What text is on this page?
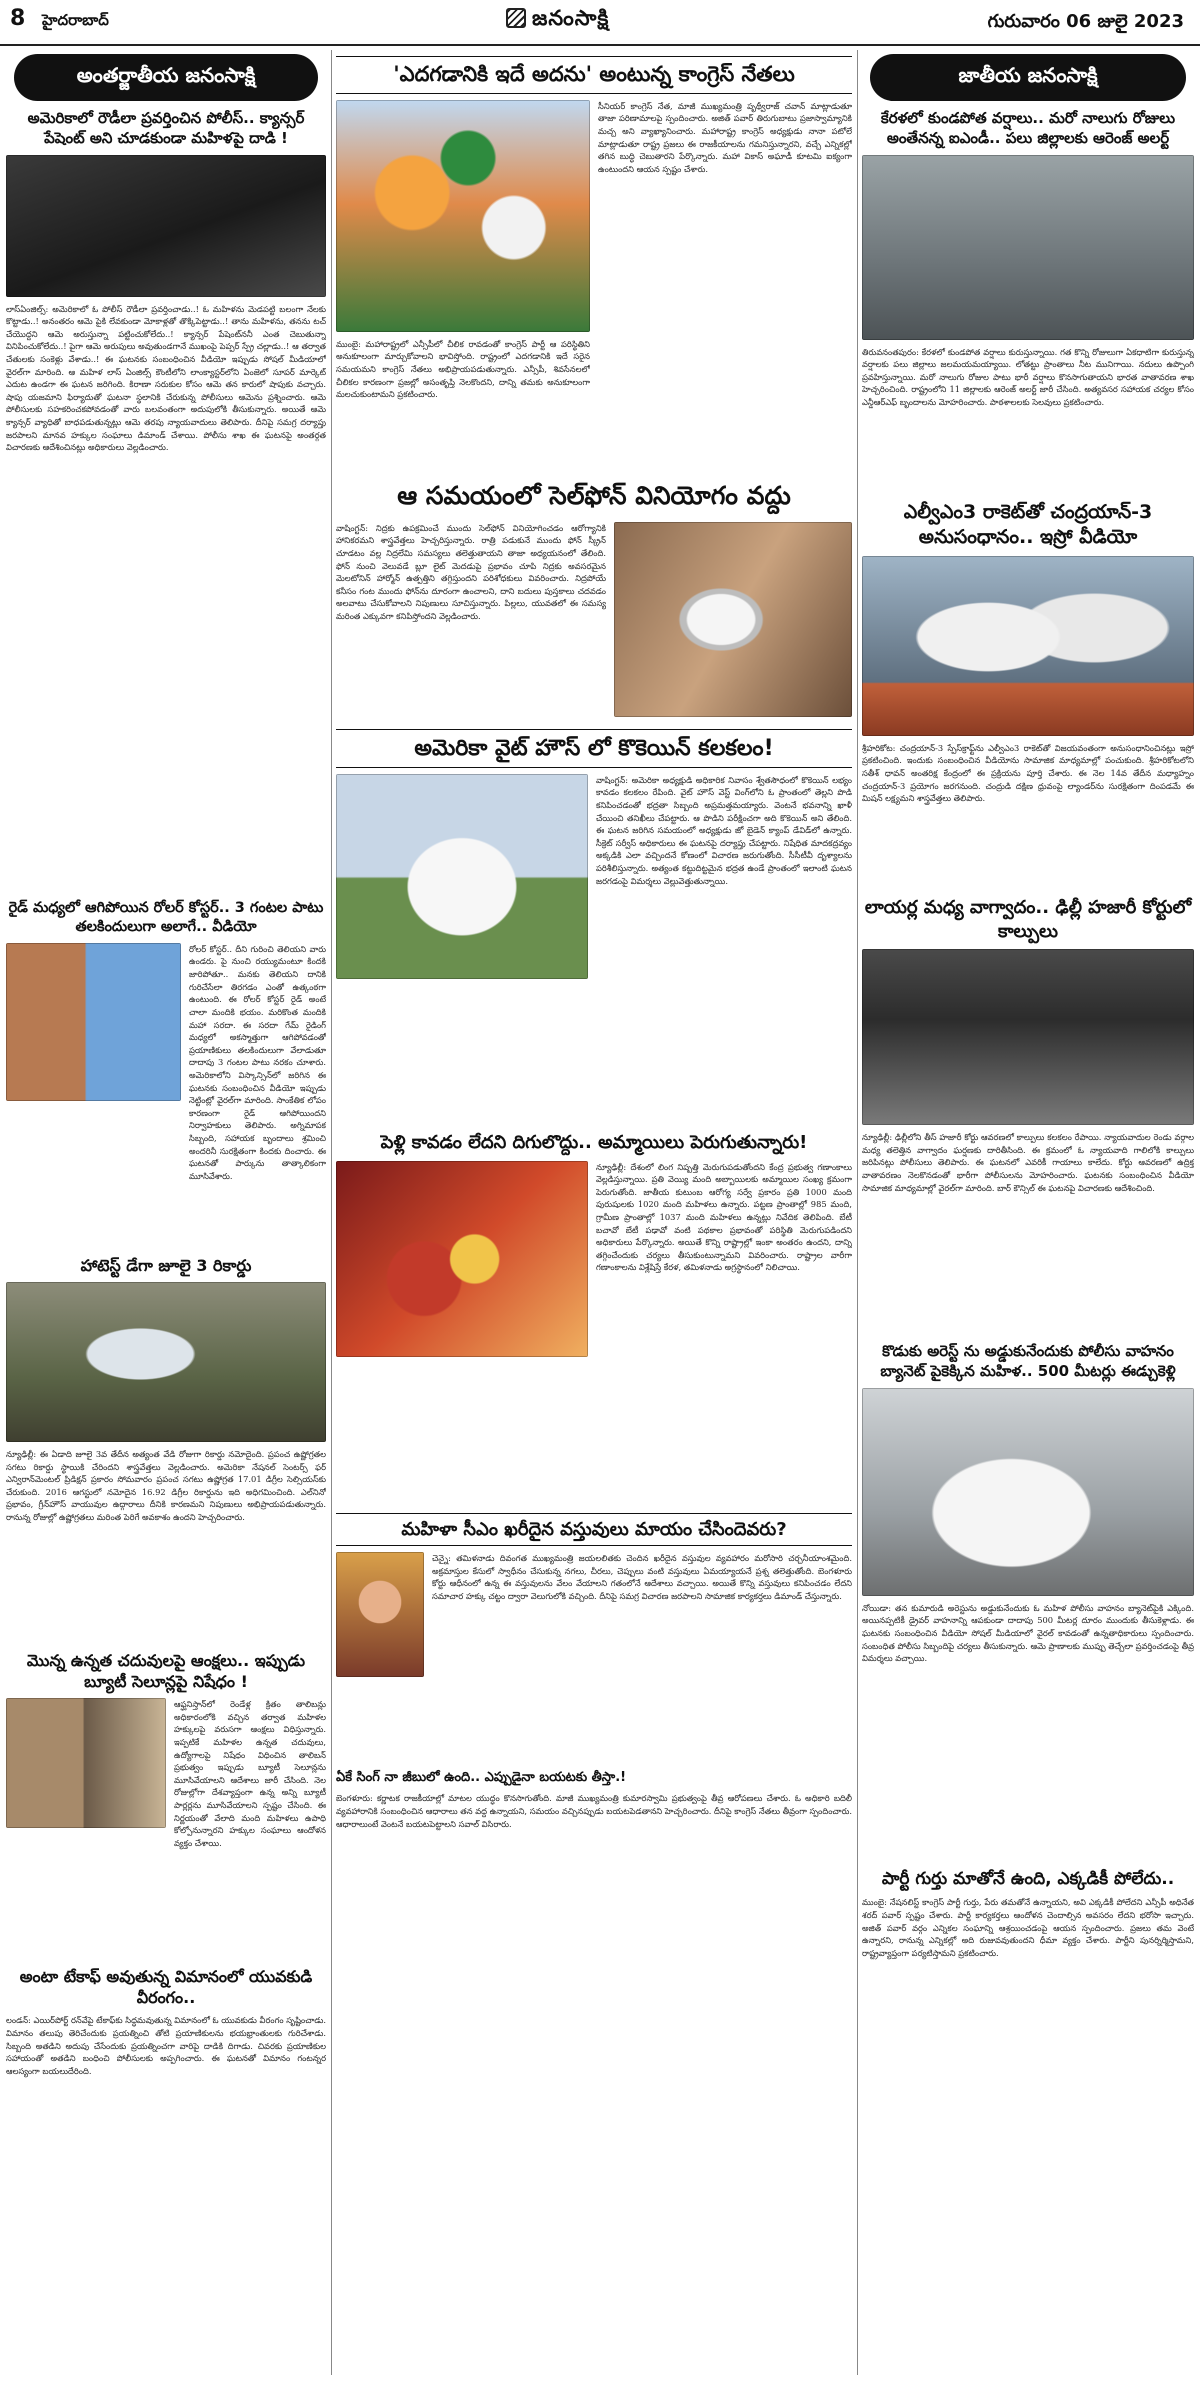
8 హైదరాబాద్	జనంసాక్షి	గురువారం 06 జులై 2023
అంతర్జాతీయ జనంసాక్షి
అమెరికాలో రౌడీలా ప్రవర్తించిన పోలీస్.. క్యాన్సర్ పేషెంట్ అని చూడకుండా మహిళపై దాడి !
లాస్‌ఏంజిల్స్‌: అమెరికాలో ఓ పోలీస్‌ రౌడీలా ప్రవర్తించాడు..! ఓ మహిళను మెడపట్టి బలంగా నేలకు కొట్టాడు..! అనంతరం ఆమె పైకి లేవకుండా మోకాళ్లతో తొక్కిపెట్టాడు..! తాను మహిళను, తనను టచ్‌ చేయొద్దని ఆమె అరుస్తున్నా పట్టించుకోలేదు..! క్యాన్సర్‌ పేషెంట్‌ననీ ఎంత చెబుతున్నా వినిపించుకోలేదు..! పైగా ఆమె అరుపులు అవుతుండగానే ముఖంపై పెప్పర్‌ స్ప్రే చల్లాడు..! ఆ తర్వాత చేతులకు సంకెళ్లు వేశాడు..! ఈ ఘటనకు సంబంధించిన వీడియో ఇప్పుడు సోషల్‌ మీడియాలో వైరల్‌గా మారింది. ఆ మహిళ లాస్‌ ఏంజిల్స్‌ కౌంటీలోని లాంక్యాస్టర్‌లోని ఏంజెలో సూపర్‌ మార్కెట్‌ ఎదుట ఉండగా ఈ ఘటన జరిగింది. కిరాణా సరుకుల కోసం ఆమె తన కారులో షాపుకు వచ్చారు. షాపు యజమాని ఫిర్యాదుతో ఘటనా స్థలానికి చేరుకున్న పోలీసులు ఆమెను ప్రశ్నించారు. ఆమె పోలీసులకు సహకరించకపోవడంతో వారు బలవంతంగా అదుపులోకి తీసుకున్నారు. అయితే ఆమె క్యాన్సర్‌ వ్యాధితో బాధపడుతున్నట్లు ఆమె తరపు న్యాయవాదులు తెలిపారు. దీనిపై సమగ్ర దర్యాప్తు జరపాలని మానవ హక్కుల సంఘాలు డిమాండ్‌ చేశాయి. పోలీసు శాఖ ఈ ఘటనపై అంతర్గత విచారణకు ఆదేశించినట్లు అధికారులు వెల్లడించారు.
రైడ్ మధ్యలో ఆగిపోయిన రోలర్ కోస్టర్.. 3 గంటల పాటు తలకిందులుగా అలాగే.. వీడియో
రోలర్‌ కోస్టర్‌.. దీని గురించి తెలియని వారు ఉండరు. పై నుంచి రయ్యుమంటూ కిందకి జారిపోతూ.. మనకు తెలియని దానికి గురిచేసేలా తిరగడం ఎంతో ఉత్కంఠగా ఉంటుంది. ఈ రోలర్‌ కోస్టర్‌ రైడ్‌ అంటే చాలా మందికి భయం. మరికొంత మందికి మహా సరదా. ఈ సరదా గేమ్‌ రైడింగ్‌ మధ్యలో అకస్మాత్తుగా ఆగిపోవడంతో ప్రయాణికులు తలకిందులుగా వేలాడుతూ దాదాపు 3 గంటల పాటు నరకం చూశారు. అమెరికాలోని విస్కాన్సిన్‌లో జరిగిన ఈ ఘటనకు సంబంధించిన వీడియో ఇప్పుడు నెట్టింట్లో వైరల్‌గా మారింది. సాంకేతిక లోపం కారణంగా రైడ్‌ ఆగిపోయిందని నిర్వాహకులు తెలిపారు. అగ్నిమాపక సిబ్బంది, సహాయక బృందాలు శ్రమించి అందరినీ సురక్షితంగా కిందకు దించారు. ఈ ఘటనతో పార్కును తాత్కాలికంగా మూసివేశారు.
హాటెస్ట్ డేగా జూలై 3 రికార్డు
న్యూఢిల్లీ: ఈ ఏడాది జూలై 3వ తేదీన అత్యంత వేడి రోజుగా రికార్డు నమోదైంది. ప్రపంచ ఉష్ణోగ్రతల సగటు రికార్డు స్థాయికి చేరిందని శాస్త్రవేత్తలు వెల్లడించారు. అమెరికా నేషనల్‌ సెంటర్స్‌ ఫర్‌ ఎన్విరాన్‌మెంటల్‌ ప్రిడిక్షన్‌ ప్రకారం సోమవారం ప్రపంచ సగటు ఉష్ణోగ్రత 17.01 డిగ్రీల సెల్సియస్‌కు చేరుకుంది. 2016 ఆగస్టులో నమోదైన 16.92 డిగ్రీల రికార్డును ఇది అధిగమించింది. ఎల్‌నినో ప్రభావం, గ్రీన్‌హౌస్‌ వాయువుల ఉద్గారాలు దీనికి కారణమని నిపుణులు అభిప్రాయపడుతున్నారు. రానున్న రోజుల్లో ఉష్ణోగ్రతలు మరింత పెరిగే అవకాశం ఉందని హెచ్చరించారు.
మొన్న ఉన్నత చదువులపై ఆంక్షలు.. ఇప్పుడు బ్యూటీ సెలూన్లపై నిషేధం !
ఆఫ్ఘనిస్తాన్‌లో రెండేళ్ల క్రితం తాలిబన్లు అధికారంలోకి వచ్చిన తర్వాత మహిళల హక్కులపై వరుసగా ఆంక్షలు విధిస్తున్నారు. ఇప్పటికే మహిళల ఉన్నత చదువులు, ఉద్యోగాలపై నిషేధం విధించిన తాలిబన్‌ ప్రభుత్వం ఇప్పుడు బ్యూటీ సెలూన్లను మూసివేయాలని ఆదేశాలు జారీ చేసింది. నెల రోజుల్లోగా దేశవ్యాప్తంగా ఉన్న అన్ని బ్యూటీ పార్లర్లను మూసివేయాలని స్పష్టం చేసింది. ఈ నిర్ణయంతో వేలాది మంది మహిళలు ఉపాధి కోల్పోనున్నారని హక్కుల సంఘాలు ఆందోళన వ్యక్తం చేశాయి.
అంటా టేకాఫ్ అవుతున్న విమానంలో యువకుడి వీరంగం..
లండన్‌: ఎయిర్‌పోర్ట్‌ రన్‌వేపై టేకాఫ్‌కు సిద్ధమవుతున్న విమానంలో ఓ యువకుడు వీరంగం సృష్టించాడు. విమానం తలుపు తెరిచేందుకు ప్రయత్నించి తోటి ప్రయాణికులను భయభ్రాంతులకు గురిచేశాడు. సిబ్బంది అతడిని అదుపు చేసేందుకు ప్రయత్నించగా వారిపై దాడికి దిగాడు. చివరకు ప్రయాణికుల సహాయంతో అతడిని బంధించి పోలీసులకు అప్పగించారు. ఈ ఘటనతో విమానం గంటన్నర ఆలస్యంగా బయలుదేరింది.
'ఎదగడానికి ఇదే అదను' అంటున్న కాంగ్రెస్ నేతలు
ముంబై: మహారాష్ట్రలో ఎన్సీపీలో చీలిక రావడంతో కాంగ్రెస్‌ పార్టీ ఆ పరిస్థితిని అనుకూలంగా మార్చుకోవాలని భావిస్తోంది. రాష్ట్రంలో ఎదగడానికి ఇదే సరైన సమయమని కాంగ్రెస్‌ నేతలు అభిప్రాయపడుతున్నారు. ఎన్సీపీ, శివసేనలలో చీలికల కారణంగా ప్రజల్లో అసంతృప్తి నెలకొందని, దాన్ని తమకు అనుకూలంగా మలచుకుంటామని ప్రకటించారు.
సీనియర్‌ కాంగ్రెస్‌ నేత, మాజీ ముఖ్యమంత్రి పృథ్వీరాజ్‌ చవాన్‌ మాట్లాడుతూ తాజా పరిణామాలపై స్పందించారు. అజిత్‌ పవార్‌ తిరుగుబాటు ప్రజాస్వామ్యానికి మచ్చ అని వ్యాఖ్యానించారు. మహారాష్ట్ర కాంగ్రెస్‌ అధ్యక్షుడు నానా పటోలే మాట్లాడుతూ రాష్ట్ర ప్రజలు ఈ రాజకీయాలను గమనిస్తున్నారని, వచ్చే ఎన్నికల్లో తగిన బుద్ధి చెబుతారని పేర్కొన్నారు. మహా వికాస్‌ అఘాడీ కూటమి ఐక్యంగా ఉంటుందని ఆయన స్పష్టం చేశారు.
ఆ సమయంలో సెల్‌ఫోన్ వినియోగం వద్దు
వాషింగ్టన్‌: నిద్రకు ఉపక్రమించే ముందు సెల్‌ఫోన్‌ వినియోగించడం ఆరోగ్యానికి హానికరమని శాస్త్రవేత్తలు హెచ్చరిస్తున్నారు. రాత్రి పడుకునే ముందు ఫోన్‌ స్క్రీన్‌ చూడటం వల్ల నిద్రలేమి సమస్యలు తలెత్తుతాయని తాజా అధ్యయనంలో తేలింది. ఫోన్‌ నుంచి వెలువడే బ్లూ లైట్‌ మెదడుపై ప్రభావం చూపి నిద్రకు అవసరమైన మెలటోనిన్‌ హార్మోన్‌ ఉత్పత్తిని తగ్గిస్తుందని పరిశోధకులు వివరించారు. నిద్రపోయే కనీసం గంట ముందు ఫోన్‌ను దూరంగా ఉంచాలని, దాని బదులు పుస్తకాలు చదవడం అలవాటు చేసుకోవాలని నిపుణులు సూచిస్తున్నారు. పిల్లలు, యువతలో ఈ సమస్య మరింత ఎక్కువగా కనిపిస్తోందని వెల్లడించారు.
అమెరికా వైట్ హౌస్ లో కొకెయిన్ కలకలం!
వాషింగ్టన్‌: అమెరికా అధ్యక్షుడి అధికారిక నివాసం శ్వేతసౌధంలో కొకెయిన్‌ లభ్యం కావడం కలకలం రేపింది. వైట్‌ హౌస్‌ వెస్ట్‌ వింగ్‌లోని ఓ ప్రాంతంలో తెల్లని పొడి కనిపించడంతో భద్రతా సిబ్బంది అప్రమత్తమయ్యారు. వెంటనే భవనాన్ని ఖాళీ చేయించి తనిఖీలు చేపట్టారు. ఆ పొడిని పరీక్షించగా అది కొకెయిన్‌ అని తేలింది. ఈ ఘటన జరిగిన సమయంలో అధ్యక్షుడు జో బైడెన్‌ క్యాంప్‌ డేవిడ్‌లో ఉన్నారు. సీక్రెట్‌ సర్వీస్‌ అధికారులు ఈ ఘటనపై దర్యాప్తు చేపట్టారు. నిషేధిత మాదకద్రవ్యం అక్కడికి ఎలా వచ్చిందనే కోణంలో విచారణ జరుగుతోంది. సీసీటీవీ దృశ్యాలను పరిశీలిస్తున్నారు. అత్యంత కట్టుదిట్టమైన భద్రత ఉండే ప్రాంతంలో ఇలాంటి ఘటన జరగడంపై విమర్శలు వెల్లువెత్తుతున్నాయి.
పెళ్లి కావడం లేదని దిగులొద్దు.. అమ్మాయిలు పెరుగుతున్నారు!
న్యూఢిల్లీ: దేశంలో లింగ నిష్పత్తి మెరుగుపడుతోందని కేంద్ర ప్రభుత్వ గణాంకాలు వెల్లడిస్తున్నాయి. ప్రతి వెయ్యి మంది అబ్బాయిలకు అమ్మాయిల సంఖ్య క్రమంగా పెరుగుతోంది. జాతీయ కుటుంబ ఆరోగ్య సర్వే ప్రకారం ప్రతి 1000 మంది పురుషులకు 1020 మంది మహిళలు ఉన్నారు. పట్టణ ప్రాంతాల్లో 985 మంది, గ్రామీణ ప్రాంతాల్లో 1037 మంది మహిళలు ఉన్నట్లు నివేదిక తెలిపింది. బేటీ బచావో బేటీ పఢావో వంటి పథకాల ప్రభావంతో పరిస్థితి మెరుగుపడిందని అధికారులు పేర్కొన్నారు. అయితే కొన్ని రాష్ట్రాల్లో ఇంకా అంతరం ఉందని, దాన్ని తగ్గించేందుకు చర్యలు తీసుకుంటున్నామని వివరించారు. రాష్ట్రాల వారీగా గణాంకాలను విశ్లేషిస్తే కేరళ, తమిళనాడు అగ్రస్థానంలో నిలిచాయి.
మహిళా సీఎం ఖరీదైన వస్తువులు మాయం చేసిందెవరు?
చెన్నై: తమిళనాడు దివంగత ముఖ్యమంత్రి జయలలితకు చెందిన ఖరీదైన వస్తువుల వ్యవహారం మరోసారి చర్చనీయాంశమైంది. అక్రమాస్తుల కేసులో స్వాధీనం చేసుకున్న నగలు, చీరలు, చెప్పులు వంటి వస్తువులు ఏమయ్యాయనే ప్రశ్న తలెత్తుతోంది. బెంగళూరు కోర్టు ఆధీనంలో ఉన్న ఈ వస్తువులను వేలం వేయాలని గతంలోనే ఆదేశాలు వచ్చాయి. అయితే కొన్ని వస్తువులు కనిపించడం లేదని సమాచార హక్కు చట్టం ద్వారా వెలుగులోకి వచ్చింది. దీనిపై సమగ్ర విచారణ జరపాలని సామాజిక కార్యకర్తలు డిమాండ్‌ చేస్తున్నారు.
ఏకే సింగ్ నా జీబులో ఉంది.. ఎప్పుడైనా బయటకు తీస్తా.!
బెంగళూరు: కర్ణాటక రాజకీయాల్లో మాటల యుద్ధం కొనసాగుతోంది. మాజీ ముఖ్యమంత్రి కుమారస్వామి ప్రభుత్వంపై తీవ్ర ఆరోపణలు చేశారు. ఓ అధికారి బదిలీ వ్యవహారానికి సంబంధించిన ఆధారాలు తన వద్ద ఉన్నాయని, సమయం వచ్చినప్పుడు బయటపెడతానని హెచ్చరించారు. దీనిపై కాంగ్రెస్‌ నేతలు తీవ్రంగా స్పందించారు. ఆధారాలుంటే వెంటనే బయటపెట్టాలని సవాల్‌ విసిరారు.
జాతీయ జనంసాక్షి
కేరళలో కుండపోత వర్షాలు.. మరో నాలుగు రోజులు అంతేనన్న ఐఎండీ.. పలు జిల్లాలకు ఆరెంజ్ అలర్ట్
తిరువనంతపురం: కేరళలో కుండపోత వర్షాలు కురుస్తున్నాయి. గత కొన్ని రోజులుగా ఏకధాటిగా కురుస్తున్న వర్షాలకు పలు జిల్లాలు జలమయమయ్యాయి. లోతట్టు ప్రాంతాలు నీట మునిగాయి. నదులు ఉప్పొంగి ప్రవహిస్తున్నాయి. మరో నాలుగు రోజుల పాటు భారీ వర్షాలు కొనసాగుతాయని భారత వాతావరణ శాఖ హెచ్చరించింది. రాష్ట్రంలోని 11 జిల్లాలకు ఆరెంజ్‌ అలర్ట్‌ జారీ చేసింది. అత్యవసర సహాయక చర్యల కోసం ఎన్డీఆర్‌ఎఫ్‌ బృందాలను మోహరించారు. పాఠశాలలకు సెలవులు ప్రకటించారు.
ఎల్వీఎం3 రాకెట్‌తో చంద్రయాన్-3 అనుసంధానం.. ఇస్రో వీడియో
శ్రీహరికోట: చంద్రయాన్‌-3 స్పేస్‌క్రాఫ్ట్‌ను ఎల్వీఎం3 రాకెట్‌తో విజయవంతంగా అనుసంధానించినట్లు ఇస్రో ప్రకటించింది. ఇందుకు సంబంధించిన వీడియోను సామాజిక మాధ్యమాల్లో పంచుకుంది. శ్రీహరికోటలోని సతీశ్‌ ధావన్‌ అంతరిక్ష కేంద్రంలో ఈ ప్రక్రియను పూర్తి చేశారు. ఈ నెల 14వ తేదీన మధ్యాహ్నం చంద్రయాన్‌-3 ప్రయోగం జరగనుంది. చంద్రుడి దక్షిణ ధ్రువంపై ల్యాండర్‌ను సురక్షితంగా దింపడమే ఈ మిషన్‌ లక్ష్యమని శాస్త్రవేత్తలు తెలిపారు.
లాయర్ల మధ్య వాగ్వాదం.. ఢిల్లీ హజారీ కోర్టులో కాల్పులు
న్యూఢిల్లీ: ఢిల్లీలోని తీస్‌ హజారీ కోర్టు ఆవరణలో కాల్పులు కలకలం రేపాయి. న్యాయవాదుల రెండు వర్గాల మధ్య తలెత్తిన వాగ్వాదం ఘర్షణకు దారితీసింది. ఈ క్రమంలో ఓ న్యాయవాది గాలిలోకి కాల్పులు జరిపినట్లు పోలీసులు తెలిపారు. ఈ ఘటనలో ఎవరికీ గాయాలు కాలేదు. కోర్టు ఆవరణలో ఉద్రిక్త వాతావరణం నెలకొనడంతో భారీగా పోలీసులను మోహరించారు. ఘటనకు సంబంధించిన వీడియో సామాజిక మాధ్యమాల్లో వైరల్‌గా మారింది. బార్‌ కౌన్సిల్‌ ఈ ఘటనపై విచారణకు ఆదేశించింది.
కొడుకు అరెస్ట్ ను అడ్డుకునేందుకు పోలీసు వాహనం బ్యానెట్ పైకెక్కిన మహిళ.. 500 మీటర్లు ఈడ్చుకెళ్లి
నోయిడా: తన కుమారుడి అరెస్టును అడ్డుకునేందుకు ఓ మహిళ పోలీసు వాహనం బ్యానెట్‌పైకి ఎక్కింది. అయినప్పటికీ డ్రైవర్‌ వాహనాన్ని ఆపకుండా దాదాపు 500 మీటర్ల దూరం ముందుకు తీసుకెళ్లాడు. ఈ ఘటనకు సంబంధించిన వీడియో సోషల్‌ మీడియాలో వైరల్‌ కావడంతో ఉన్నతాధికారులు స్పందించారు. సంబంధిత పోలీసు సిబ్బందిపై చర్యలు తీసుకున్నారు. ఆమె ప్రాణాలకు ముప్పు తెచ్చేలా ప్రవర్తించడంపై తీవ్ర విమర్శలు వచ్చాయి.
పార్టీ గుర్తు మాతోనే ఉంది, ఎక్కడికీ పోలేదు..
ముంబై: నేషనలిస్ట్‌ కాంగ్రెస్‌ పార్టీ గుర్తు, పేరు తమతోనే ఉన్నాయని, అవి ఎక్కడికీ పోలేదని ఎన్సీపీ అధినేత శరద్‌ పవార్‌ స్పష్టం చేశారు. పార్టీ కార్యకర్తలు ఆందోళన చెందాల్సిన అవసరం లేదని భరోసా ఇచ్చారు. అజిత్‌ పవార్‌ వర్గం ఎన్నికల సంఘాన్ని ఆశ్రయించడంపై ఆయన స్పందించారు. ప్రజలు తమ వెంటే ఉన్నారని, రానున్న ఎన్నికల్లో అది రుజువవుతుందని ధీమా వ్యక్తం చేశారు. పార్టీని పునర్నిర్మిస్తామని, రాష్ట్రవ్యాప్తంగా పర్యటిస్తామని ప్రకటించారు.
